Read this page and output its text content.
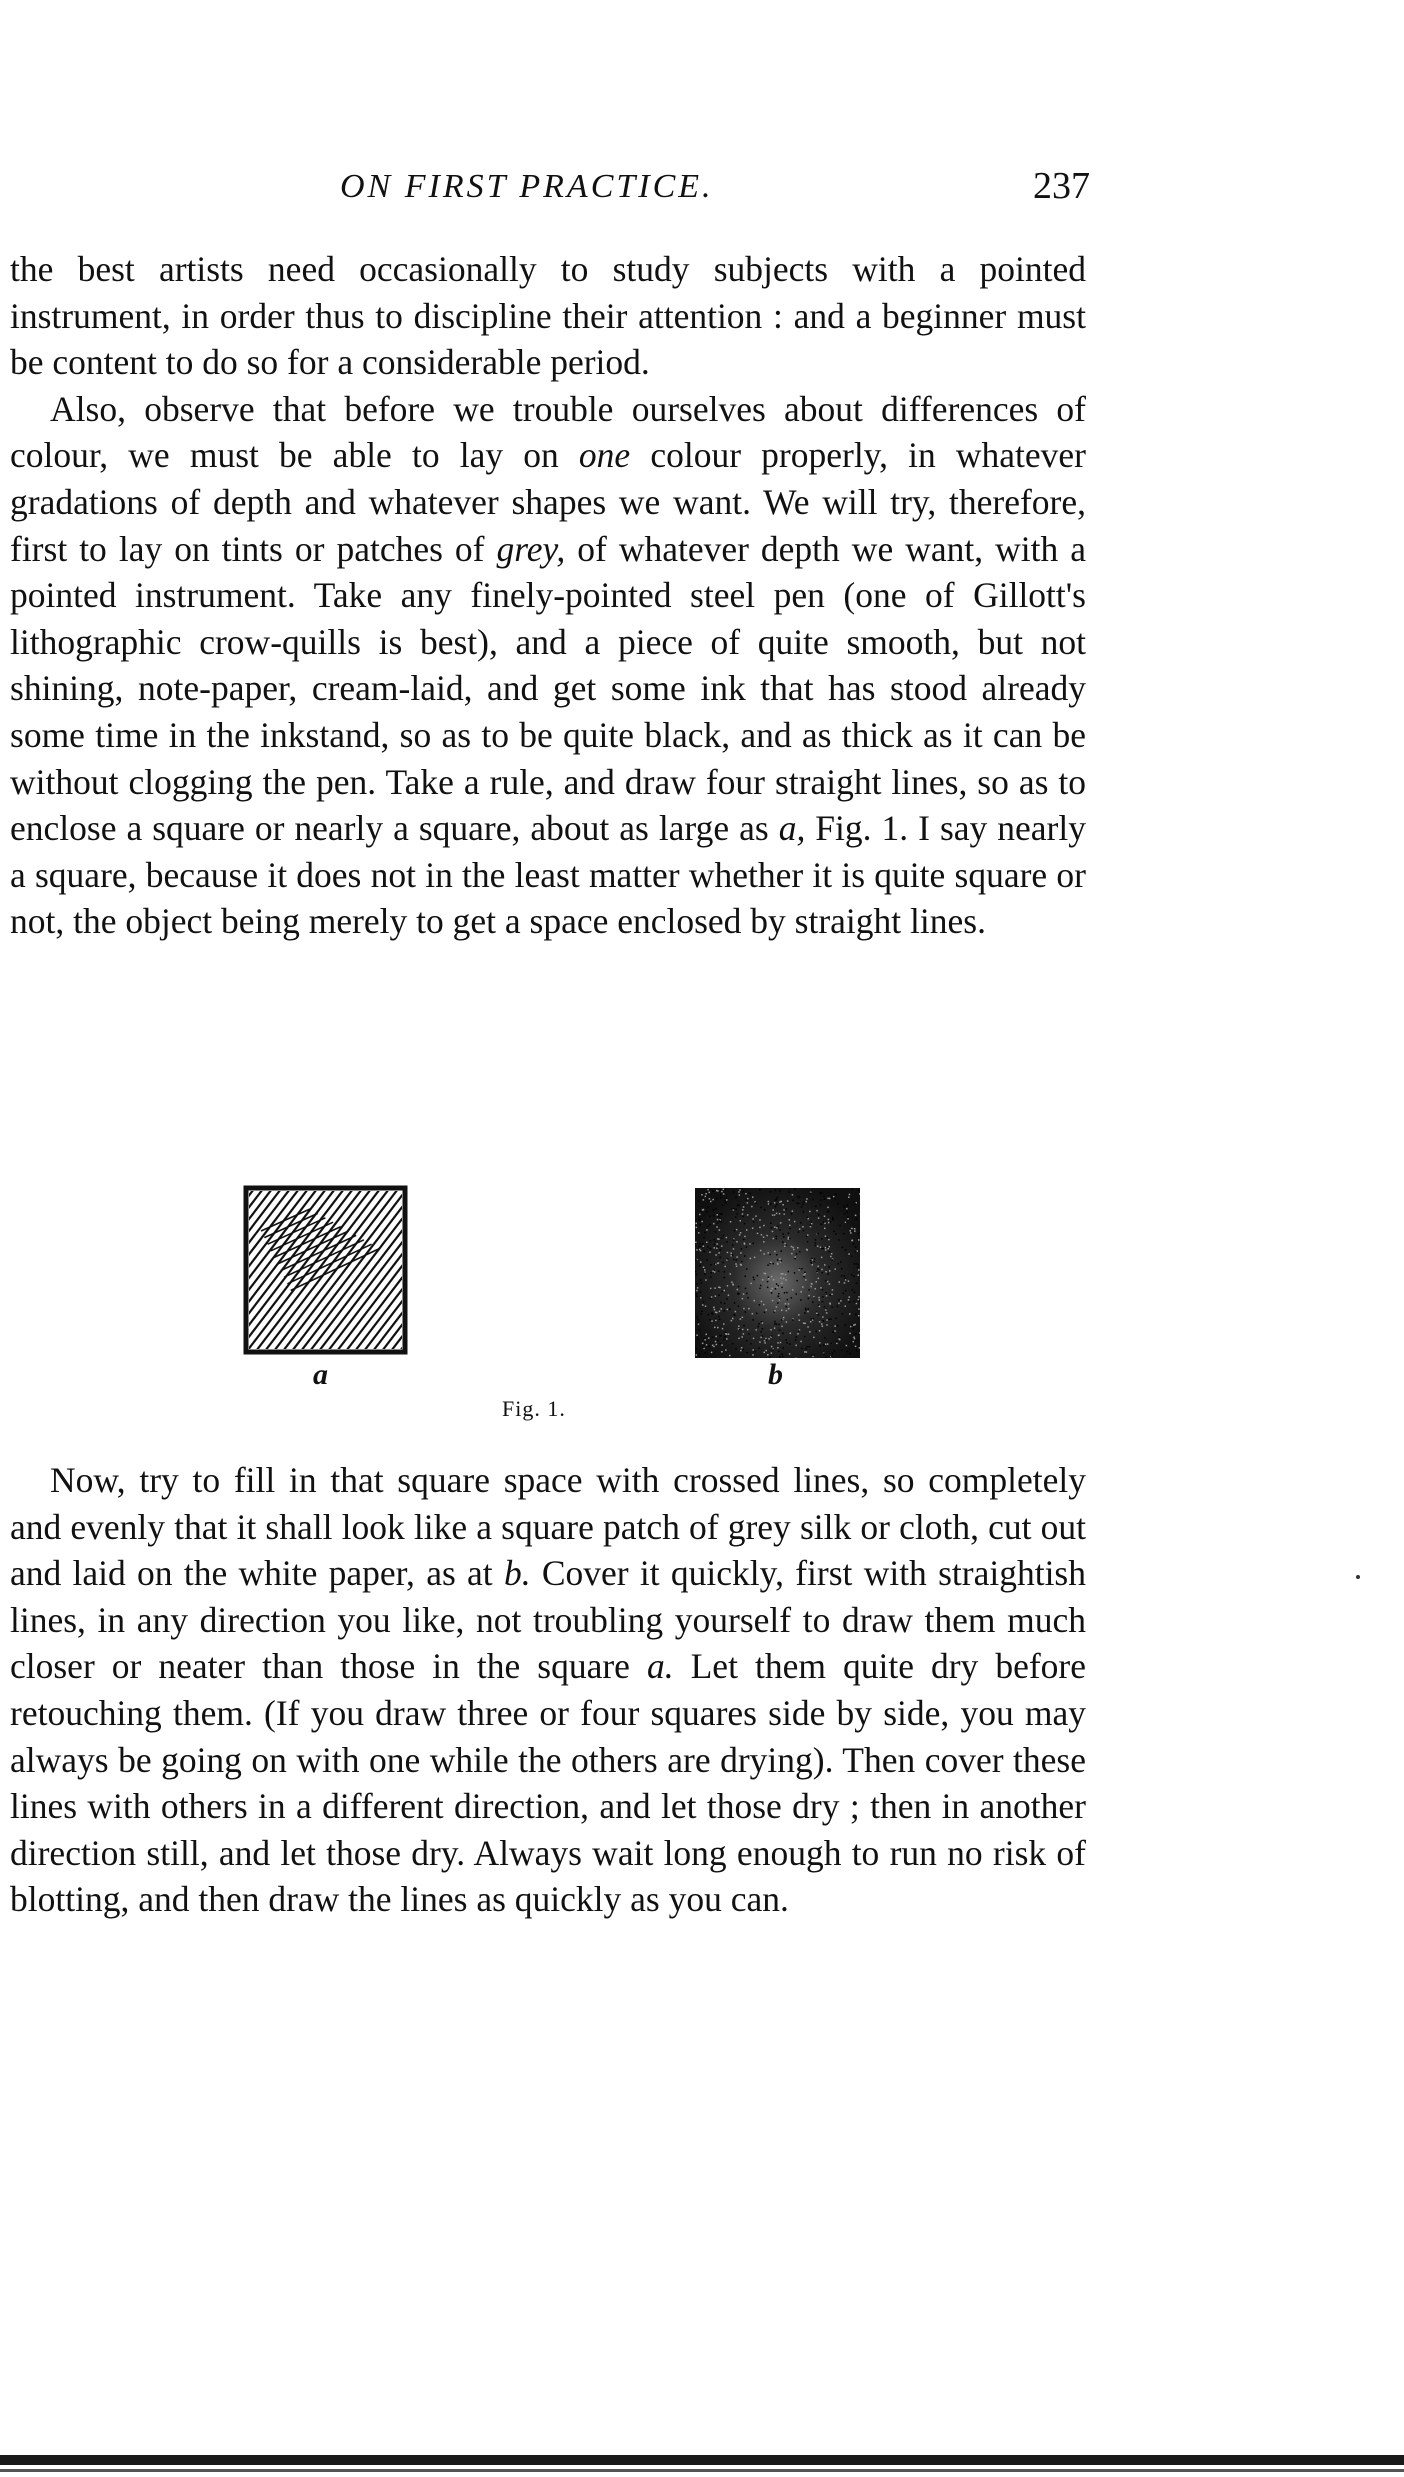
ON FIRST PRACTICE.	237

the best artists need occasionally to study subjects with a pointed instrument, in order thus to discipline their attention : and a beginner must be content to do so for a considerable period.

Also, observe that before we trouble ourselves about differences of colour, we must be able to lay on one colour properly, in whatever gradations of depth and whatever shapes we want. We will try, therefore, first to lay on tints or patches of grey, of whatever depth we want, with a pointed instrument. Take any finely-pointed steel pen (one of Gillott's lithographic crow-quills is best), and a piece of quite smooth, but not shining, note-paper, cream-laid, and get some ink that has stood already some time in the inkstand, so as to be quite black, and as thick as it can be without clogging the pen. Take a rule, and draw four straight lines, so as to enclose a square or nearly a square, about as large as a, Fig. 1. I say nearly a square, because it does not in the least matter whether it is quite square or not, the object being merely to get a space enclosed by straight lines.

a	b
Fig. 1.

Now, try to fill in that square space with crossed lines, so completely and evenly that it shall look like a square patch of grey silk or cloth, cut out and laid on the white paper, as at b. Cover it quickly, first with straightish lines, in any direction you like, not troubling yourself to draw them much closer or neater than those in the square a. Let them quite dry before retouching them. (If you draw three or four squares side by side, you may always be going on with one while the others are drying). Then cover these lines with others in a different direction, and let those dry ; then in another direction still, and let those dry. Always wait long enough to run no risk of blotting, and then draw the lines as quickly as you can.
